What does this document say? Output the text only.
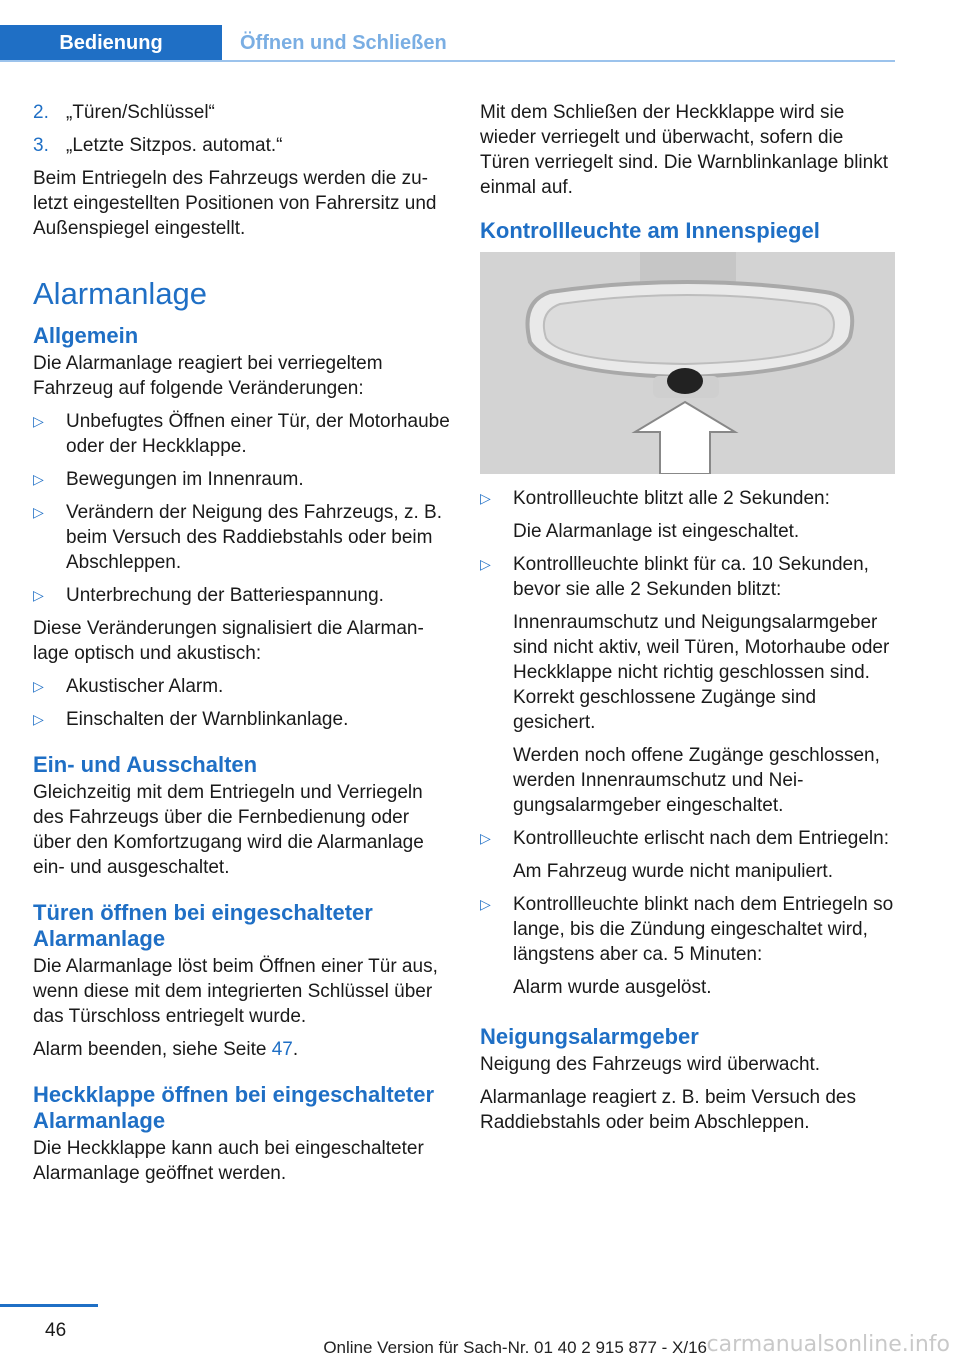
Bedienung	Öffnen und Schließen
2. „Türen/Schlüssel“
3. „Letzte Sitzpos. automat.“

Beim Entriegeln des Fahrzeugs werden die zuletzt eingestellten Positionen von Fahrersitz und Außenspiegel eingestellt.

Alarmanlage
Allgemein

Die Alarmanlage reagiert bei verriegeltem Fahrzeug auf folgende Veränderungen:

▷	Unbefugtes Öffnen einer Tür, der Motorhaube oder der Heckklappe.
▷	Bewegungen im Innenraum.
▷	Verändern der Neigung des Fahrzeugs, z. B. beim Versuch des Raddiebstahls oder beim Abschleppen.
▷	Unterbrechung der Batteriespannung.

Diese Veränderungen signalisiert die Alarmanlage optisch und akustisch:

▷	Akustischer Alarm.
▷	Einschalten der Warnblinkanlage.
Ein- und Ausschalten

Gleichzeitig mit dem Entriegeln und Verriegeln des Fahrzeugs über die Fernbedienung oder über den Komfortzugang wird die Alarmanlage ein- und ausgeschaltet.

Türen öffnen bei eingeschalteter Alarmanlage

Die Alarmanlage löst beim Öffnen einer Tür aus, wenn diese mit dem integrierten Schlüssel über das Türschloss entriegelt wurde.

Alarm beenden, siehe Seite 47.

Heckklappe öffnen bei eingeschalteter Alarmanlage

Die Heckklappe kann auch bei eingeschalteter Alarmanlage geöffnet werden.

Mit dem Schließen der Heckklappe wird sie wieder verriegelt und überwacht, sofern die Türen verriegelt sind. Die Warnblinkanlage blinkt einmal auf.

Kontrollleuchte am Innenspiegel
▷	Kontrollleuchte blitzt alle 2 Sekunden:

Die Alarmanlage ist eingeschaltet.

▷	Kontrollleuchte blinkt für ca. 10 Sekunden, bevor sie alle 2 Sekunden blitzt:

Innenraumschutz und Neigungsalarmgeber sind nicht aktiv, weil Türen, Motorhaube oder Heckklappe nicht richtig geschlossen sind. Korrekt geschlossene Zugänge sind gesichert.

Werden noch offene Zugänge geschlossen, werden Innenraumschutz und Neigungsalarmgeber eingeschaltet.

▷	Kontrollleuchte erlischt nach dem Entriegeln:

Am Fahrzeug wurde nicht manipuliert.

▷	Kontrollleuchte blinkt nach dem Entriegeln so lange, bis die Zündung eingeschaltet wird, längstens aber ca. 5 Minuten:

Alarm wurde ausgelöst.

Neigungsalarmgeber

Neigung des Fahrzeugs wird überwacht.

Alarmanlage reagiert z. B. beim Versuch des Raddiebstahls oder beim Abschleppen.

46
Online Version für Sach-Nr. 01 40 2 915 877 - X/16 carmanualsonline.info
